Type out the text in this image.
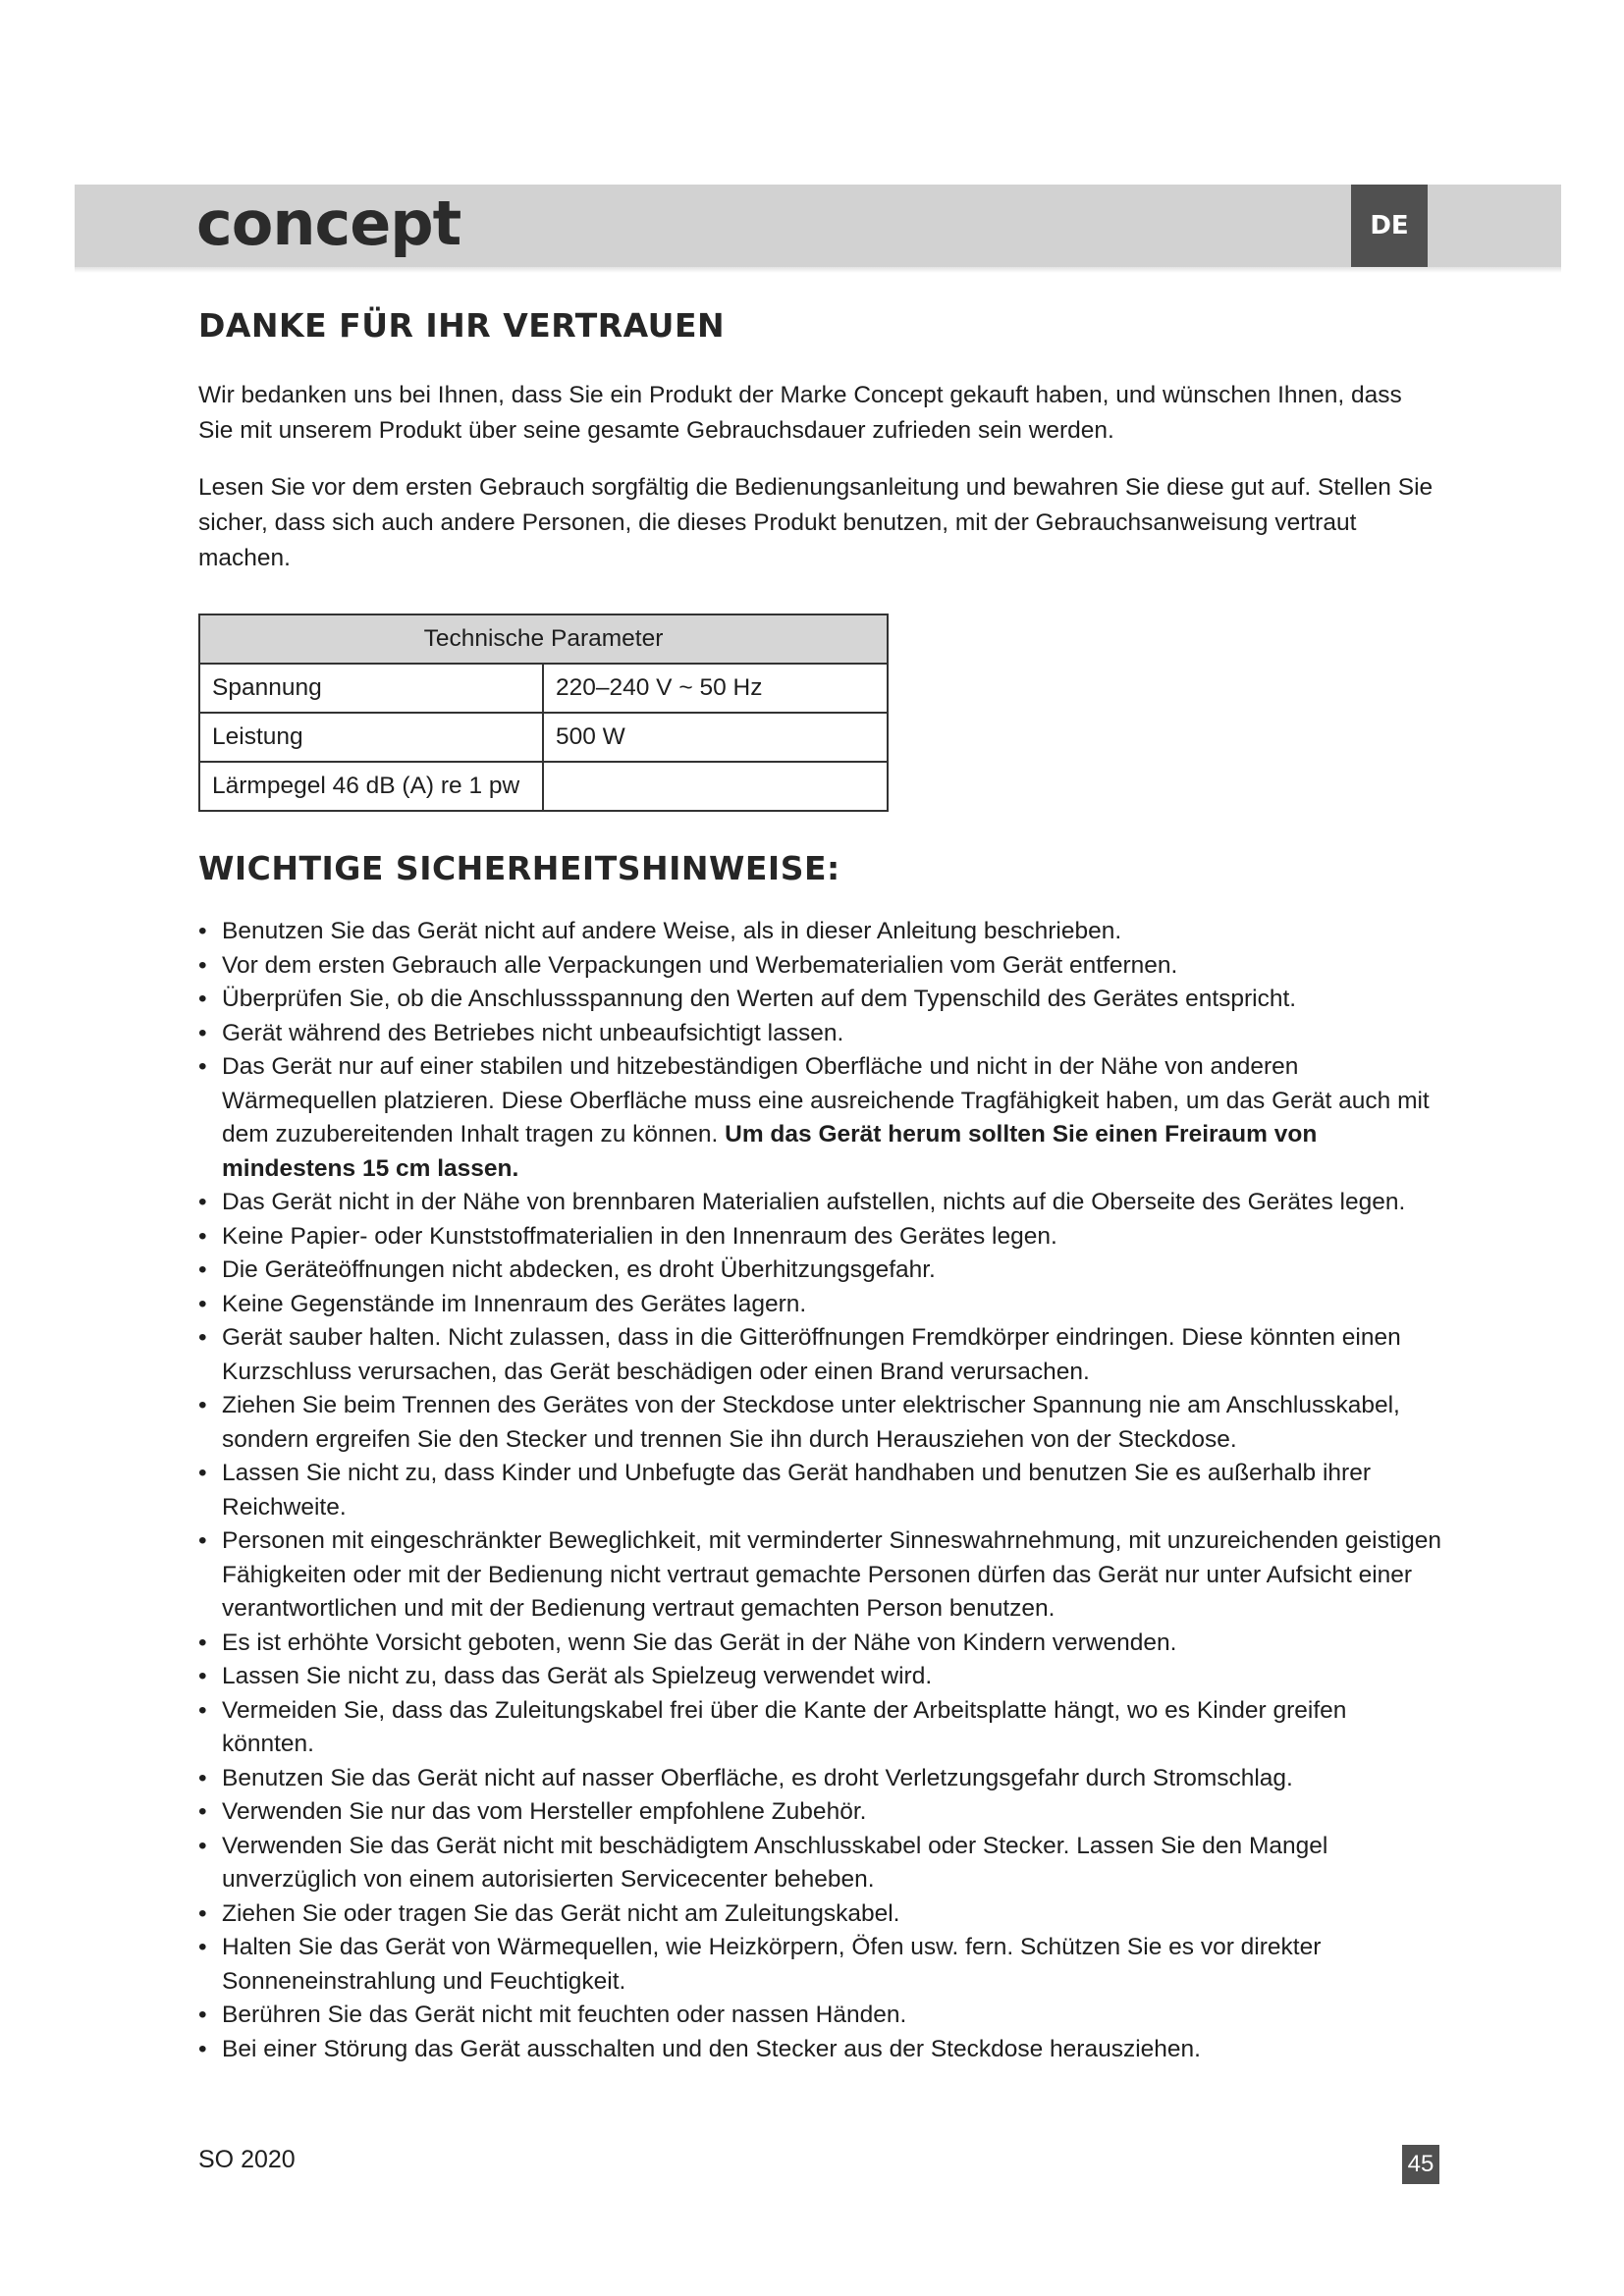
concept	DE
DANKE FÜR IHR VERTRAUEN

Wir bedanken uns bei Ihnen, dass Sie ein Produkt der Marke Concept gekauft haben, und wünschen Ihnen, dass Sie mit unserem Produkt über seine gesamte Gebrauchsdauer zufrieden sein werden.

Lesen Sie vor dem ersten Gebrauch sorgfältig die Bedienungsanleitung und bewahren Sie diese gut auf. Stellen Sie sicher, dass sich auch andere Personen, die dieses Produkt benutzen, mit der Gebrauchsanweisung vertraut machen.

Technische Parameter	
Spannung	220–240 V ~ 50 Hz
Leistung	500 W
Lärmpegel 46 dB (A) re 1 pw	
WICHTIGE SICHERHEITSHINWEISE:
• Benutzen Sie das Gerät nicht auf andere Weise, als in dieser Anleitung beschrieben.
• Vor dem ersten Gebrauch alle Verpackungen und Werbematerialien vom Gerät entfernen.
• Überprüfen Sie, ob die Anschlussspannung den Werten auf dem Typenschild des Gerätes entspricht.
• Gerät während des Betriebes nicht unbeaufsichtigt lassen.
• Das Gerät nur auf einer stabilen und hitzebeständigen Oberfläche und nicht in der Nähe von anderen Wärmequellen platzieren. Diese Oberfläche muss eine ausreichende Tragfähigkeit haben, um das Gerät auch mit dem zuzubereitenden Inhalt tragen zu können. Um das Gerät herum sollten Sie einen Freiraum von mindestens 15 cm lassen.
• Das Gerät nicht in der Nähe von brennbaren Materialien aufstellen, nichts auf die Oberseite des Gerätes legen.
• Keine Papier- oder Kunststoffmaterialien in den Innenraum des Gerätes legen.
• Die Geräteöffnungen nicht abdecken, es droht Überhitzungsgefahr.
• Keine Gegenstände im Innenraum des Gerätes lagern.
• Gerät sauber halten. Nicht zulassen, dass in die Gitteröffnungen Fremdkörper eindringen. Diese könnten einen Kurzschluss verursachen, das Gerät beschädigen oder einen Brand verursachen.
• Ziehen Sie beim Trennen des Gerätes von der Steckdose unter elektrischer Spannung nie am Anschlusskabel, sondern ergreifen Sie den Stecker und trennen Sie ihn durch Herausziehen von der Steckdose.
• Lassen Sie nicht zu, dass Kinder und Unbefugte das Gerät handhaben und benutzen Sie es außerhalb ihrer Reichweite.
• Personen mit eingeschränkter Beweglichkeit, mit verminderter Sinneswahrnehmung, mit unzureichenden geistigen Fähigkeiten oder mit der Bedienung nicht vertraut gemachte Personen dürfen das Gerät nur unter Aufsicht einer verantwortlichen und mit der Bedienung vertraut gemachten Person benutzen.
• Es ist erhöhte Vorsicht geboten, wenn Sie das Gerät in der Nähe von Kindern verwenden.
• Lassen Sie nicht zu, dass das Gerät als Spielzeug verwendet wird.
• Vermeiden Sie, dass das Zuleitungskabel frei über die Kante der Arbeitsplatte hängt, wo es Kinder greifen könnten.
• Benutzen Sie das Gerät nicht auf nasser Oberfläche, es droht Verletzungsgefahr durch Stromschlag.
• Verwenden Sie nur das vom Hersteller empfohlene Zubehör.
• Verwenden Sie das Gerät nicht mit beschädigtem Anschlusskabel oder Stecker. Lassen Sie den Mangel unverzüglich von einem autorisierten Servicecenter beheben.
• Ziehen Sie oder tragen Sie das Gerät nicht am Zuleitungskabel.
• Halten Sie das Gerät von Wärmequellen, wie Heizkörpern, Öfen usw. fern. Schützen Sie es vor direkter Sonneneinstrahlung und Feuchtigkeit.
• Berühren Sie das Gerät nicht mit feuchten oder nassen Händen.
• Bei einer Störung das Gerät ausschalten und den Stecker aus der Steckdose herausziehen.
SO 2020	45
